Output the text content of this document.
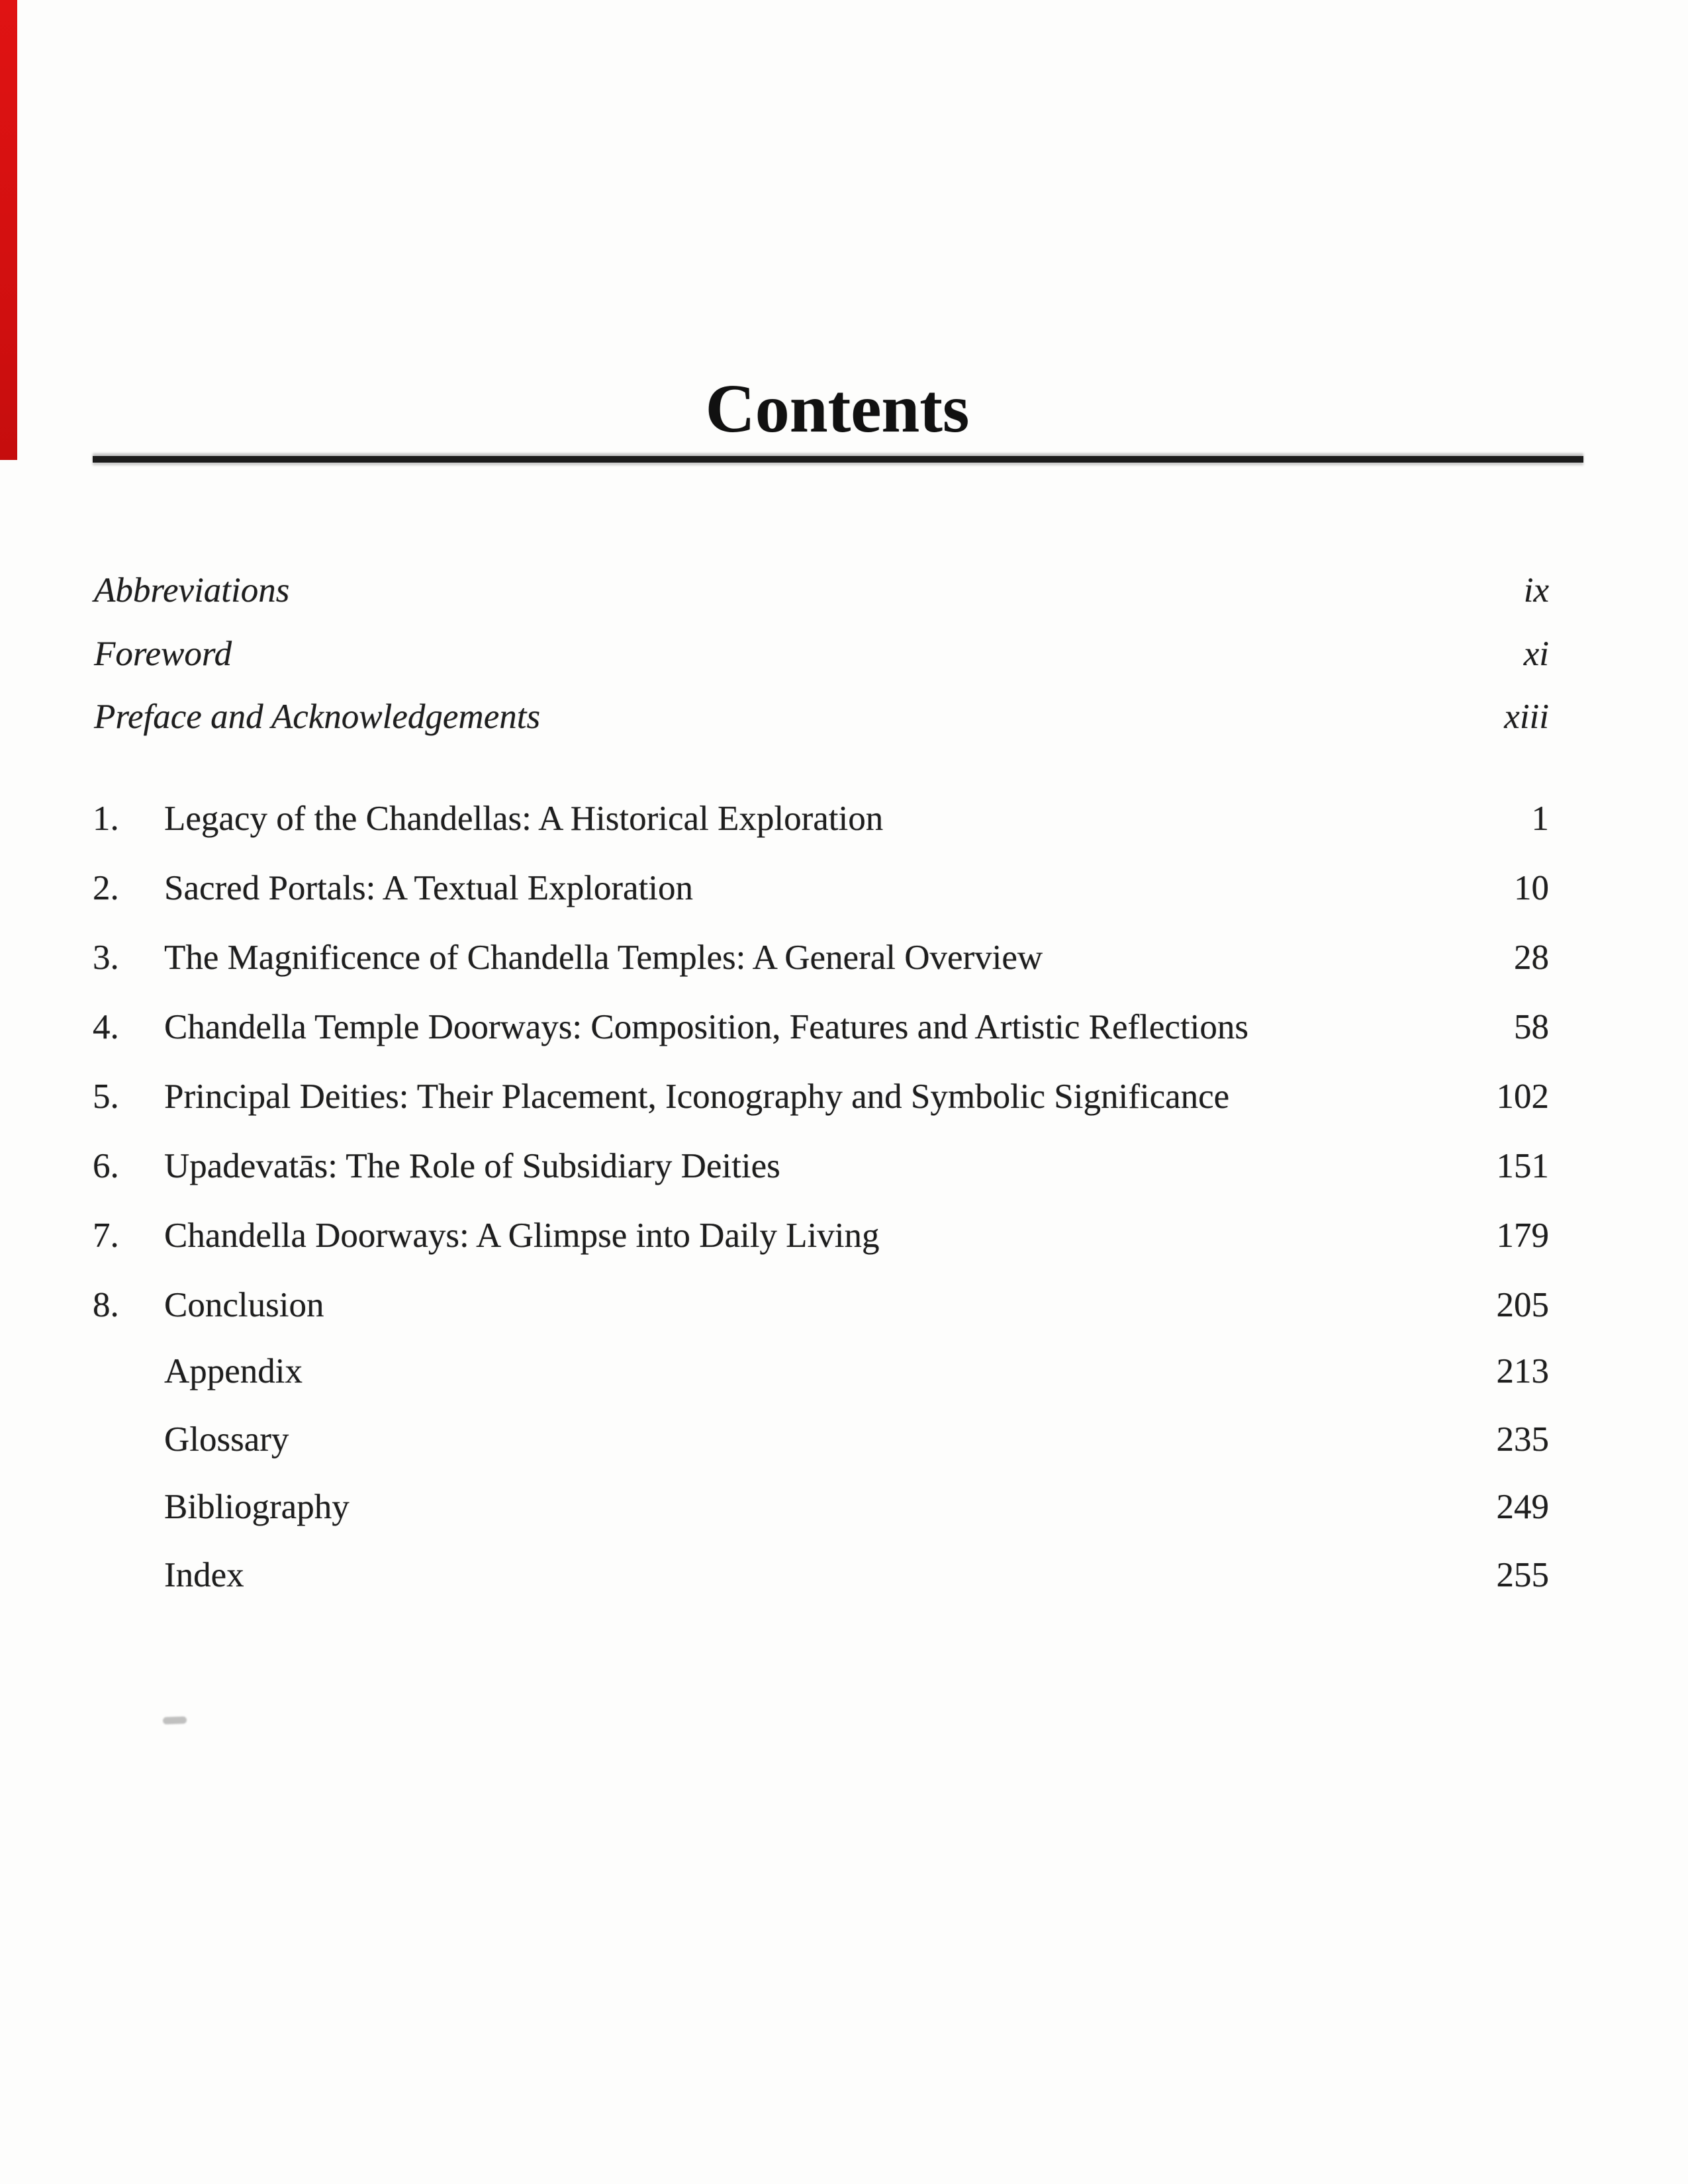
Contents
Abbreviations	ix
Foreword	xi
Preface and Acknowledgements	xiii
1. Legacy of the Chandellas: A Historical Exploration	1
2. Sacred Portals: A Textual Exploration	10
3. The Magnificence of Chandella Temples: A General Overview	28
4. Chandella Temple Doorways: Composition, Features and Artistic Reflections	58
5. Principal Deities: Their Placement, Iconography and Symbolic Significance	102
6. Upadevatās: The Role of Subsidiary Deities	151
7. Chandella Doorways: A Glimpse into Daily Living	179
8. Conclusion	205
Appendix	213
Glossary	235
Bibliography	249
Index	255
